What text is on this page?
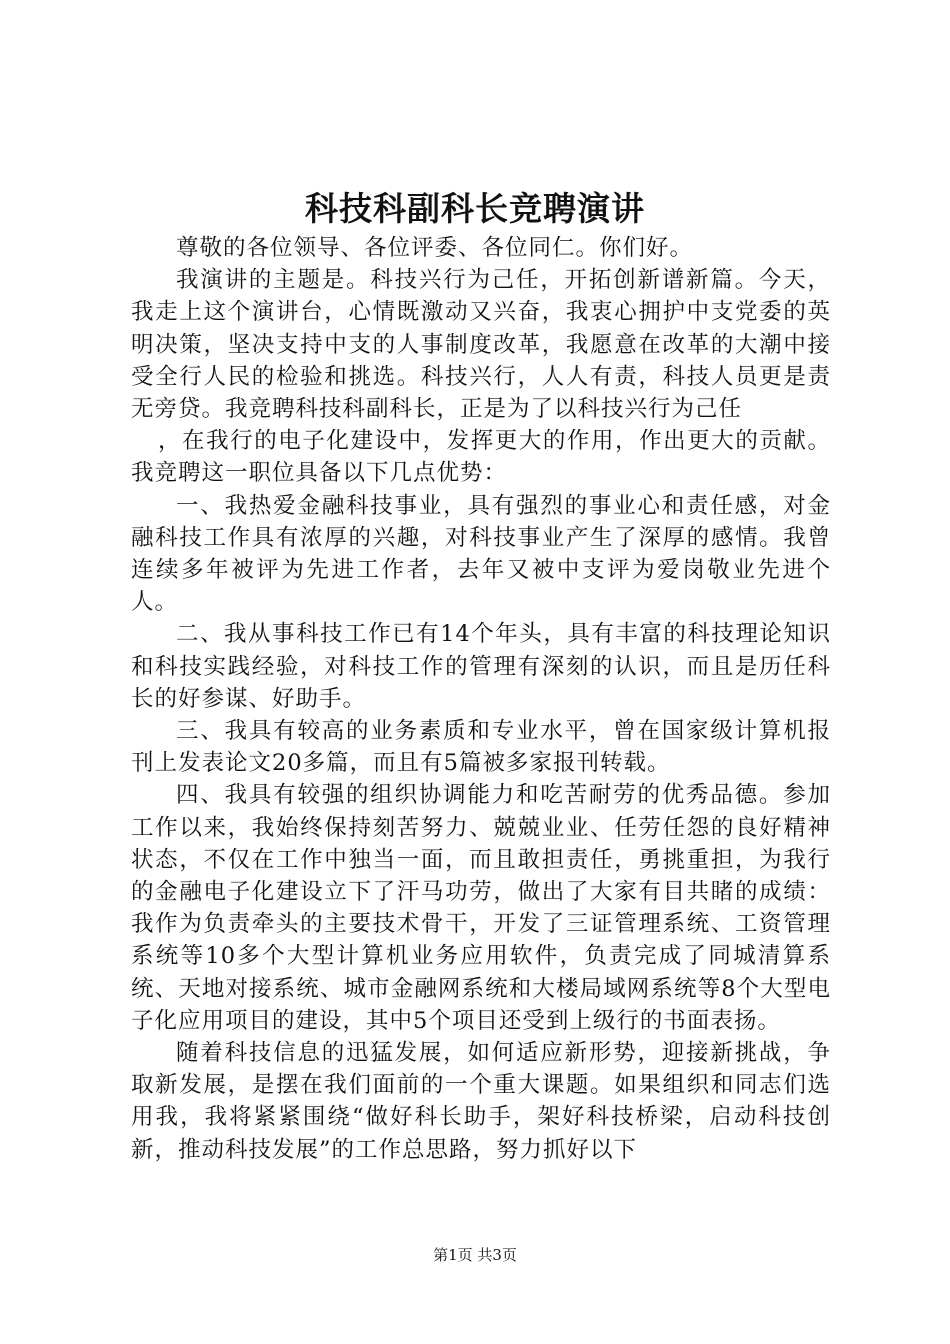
科技科副科长竞聘演讲

尊敬的各位领导、各位评委、各位同仁。你们好。

我演讲的主题是。科技兴行为己任，开拓创新谱新篇。今天，我走上这个演讲台，心情既激动又兴奋，我衷心拥护中支党委的英明决策，坚决支持中支的人事制度改革，我愿意在改革的大潮中接受全行人民的检验和挑选。科技兴行，人人有责，科技人员更是责无旁贷。我竞聘科技科副科长，正是为了以科技兴行为己任

，在我行的电子化建设中，发挥更大的作用，作出更大的贡献。我竞聘这一职位具备以下几点优势：

一、我热爱金融科技事业，具有强烈的事业心和责任感，对金融科技工作具有浓厚的兴趣，对科技事业产生了深厚的感情。我曾连续多年被评为先进工作者，去年又被中支评为爱岗敬业先进个人。

二、我从事科技工作已有14个年头，具有丰富的科技理论知识和科技实践经验，对科技工作的管理有深刻的认识，而且是历任科长的好参谋、好助手。

三、我具有较高的业务素质和专业水平，曾在国家级计算机报刊上发表论文20多篇，而且有5篇被多家报刊转载。

四、我具有较强的组织协调能力和吃苦耐劳的优秀品德。参加工作以来，我始终保持刻苦努力、兢兢业业、任劳任怨的良好精神状态，不仅在工作中独当一面，而且敢担责任，勇挑重担，为我行的金融电子化建设立下了汗马功劳，做出了大家有目共睹的成绩：我作为负责牵头的主要技术骨干，开发了三证管理系统、工资管理系统等10多个大型计算机业务应用软件，负责完成了同城清算系统、天地对接系统、城市金融网系统和大楼局域网系统等8个大型电子化应用项目的建设，其中5个项目还受到上级行的书面表扬。

随着科技信息的迅猛发展，如何适应新形势，迎接新挑战，争取新发展，是摆在我们面前的一个重大课题。如果组织和同志们选用我，我将紧紧围绕“做好科长助手，架好科技桥梁，启动科技创新，推动科技发展”的工作总思路，努力抓好以下

第1页 共3页
